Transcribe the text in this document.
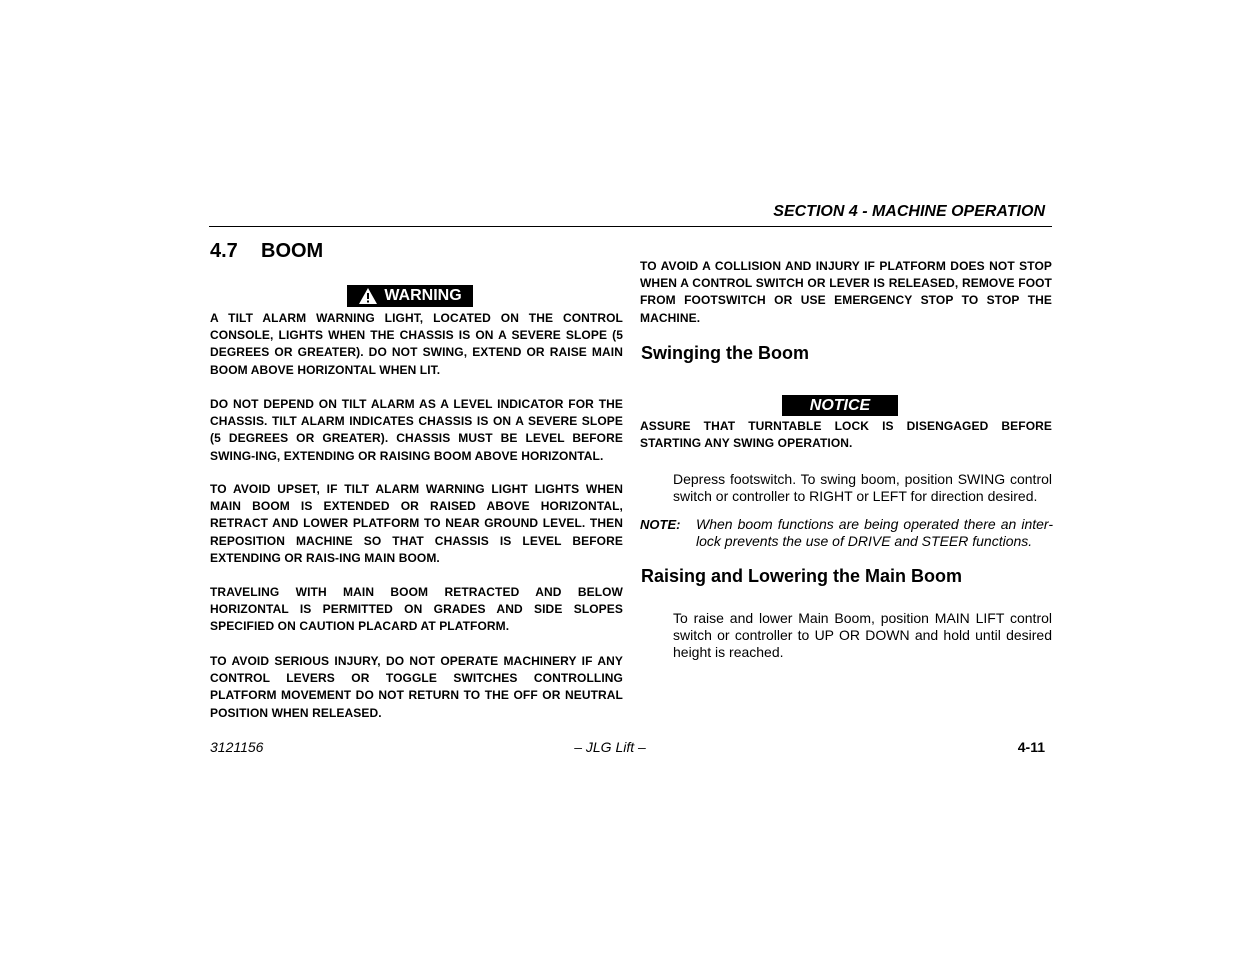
SECTION 4 - MACHINE OPERATION
4.7 BOOM
WARNING

A TILT ALARM WARNING LIGHT, LOCATED ON THE CONTROL CONSOLE, LIGHTS WHEN THE CHASSIS IS ON A SEVERE SLOPE (5 DEGREES OR GREATER). DO NOT SWING, EXTEND OR RAISE MAIN BOOM ABOVE HORIZONTAL WHEN LIT.

DO NOT DEPEND ON TILT ALARM AS A LEVEL INDICATOR FOR THE CHASSIS. TILT ALARM INDICATES CHASSIS IS ON A SEVERE SLOPE (5 DEGREES OR GREATER). CHASSIS MUST BE LEVEL BEFORE SWING-ING, EXTENDING OR RAISING BOOM ABOVE HORIZONTAL.

TO AVOID UPSET, IF TILT ALARM WARNING LIGHT LIGHTS WHEN MAIN BOOM IS EXTENDED OR RAISED ABOVE HORIZONTAL, RETRACT AND LOWER PLATFORM TO NEAR GROUND LEVEL. THEN REPOSITION MACHINE SO THAT CHASSIS IS LEVEL BEFORE EXTENDING OR RAIS-ING MAIN BOOM.

TRAVELING WITH MAIN BOOM RETRACTED AND BELOW HORIZONTAL IS PERMITTED ON GRADES AND SIDE SLOPES SPECIFIED ON CAUTION PLACARD AT PLATFORM.

TO AVOID SERIOUS INJURY, DO NOT OPERATE MACHINERY IF ANY CONTROL LEVERS OR TOGGLE SWITCHES CONTROLLING PLATFORM MOVEMENT DO NOT RETURN TO THE OFF OR NEUTRAL POSITION WHEN RELEASED.

TO AVOID A COLLISION AND INJURY IF PLATFORM DOES NOT STOP WHEN A CONTROL SWITCH OR LEVER IS RELEASED, REMOVE FOOT FROM FOOTSWITCH OR USE EMERGENCY STOP TO STOP THE MACHINE.

Swinging the Boom
NOTICE

ASSURE THAT TURNTABLE LOCK IS DISENGAGED BEFORE STARTING ANY SWING OPERATION.

Depress footswitch. To swing boom, position SWING control switch or controller to RIGHT or LEFT for direction desired.

NOTE: When boom functions are being operated there an inter-lock prevents the use of DRIVE and STEER functions.

Raising and Lowering the Main Boom

To raise and lower Main Boom, position MAIN LIFT control switch or controller to UP OR DOWN and hold until desired height is reached.

3121156	– JLG Lift –	4-11
